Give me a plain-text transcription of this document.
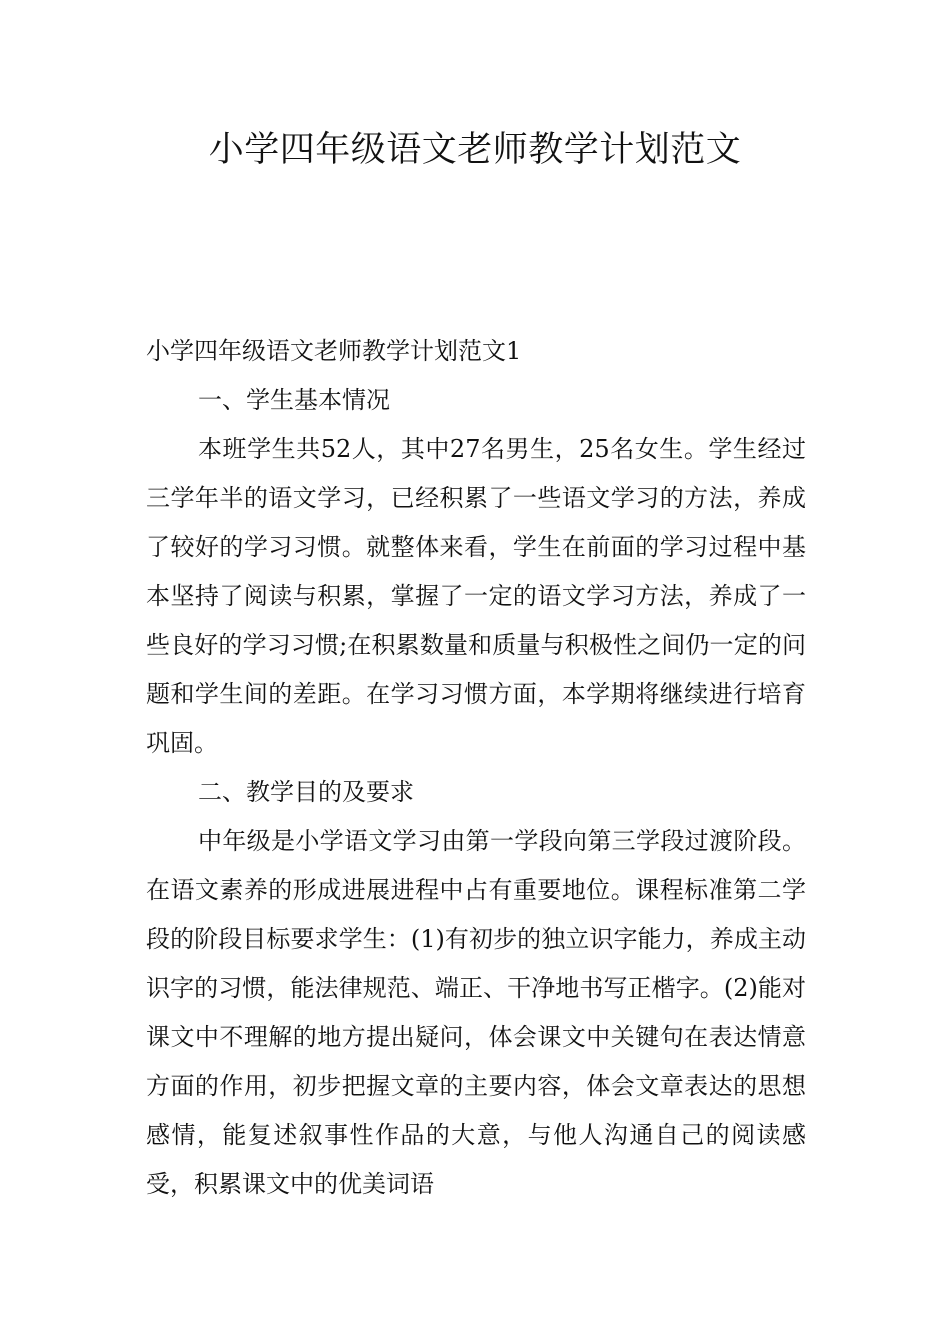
小学四年级语文老师教学计划范文

小学四年级语文老师教学计划范文1

一、学生基本情况

本班学生共52人，其中27名男生，25名女生。学生经过三学年半的语文学习，已经积累了一些语文学习的方法，养成了较好的学习习惯。就整体来看，学生在前面的学习过程中基本坚持了阅读与积累，掌握了一定的语文学习方法，养成了一些良好的学习习惯;在积累数量和质量与积极性之间仍一定的问题和学生间的差距。在学习习惯方面，本学期将继续进行培育巩固。

二、教学目的及要求

中年级是小学语文学习由第一学段向第三学段过渡阶段。在语文素养的形成进展进程中占有重要地位。课程标准第二学段的阶段目标要求学生：(1)有初步的独立识字能力，养成主动识字的习惯，能法律规范、端正、干净地书写正楷字。(2)能对课文中不理解的地方提出疑问，体会课文中关键句在表达情意方面的作用，初步把握文章的主要内容，体会文章表达的思想感情，能复述叙事性作品的大意，与他人沟通自己的阅读感受，积累课文中的优美词语
